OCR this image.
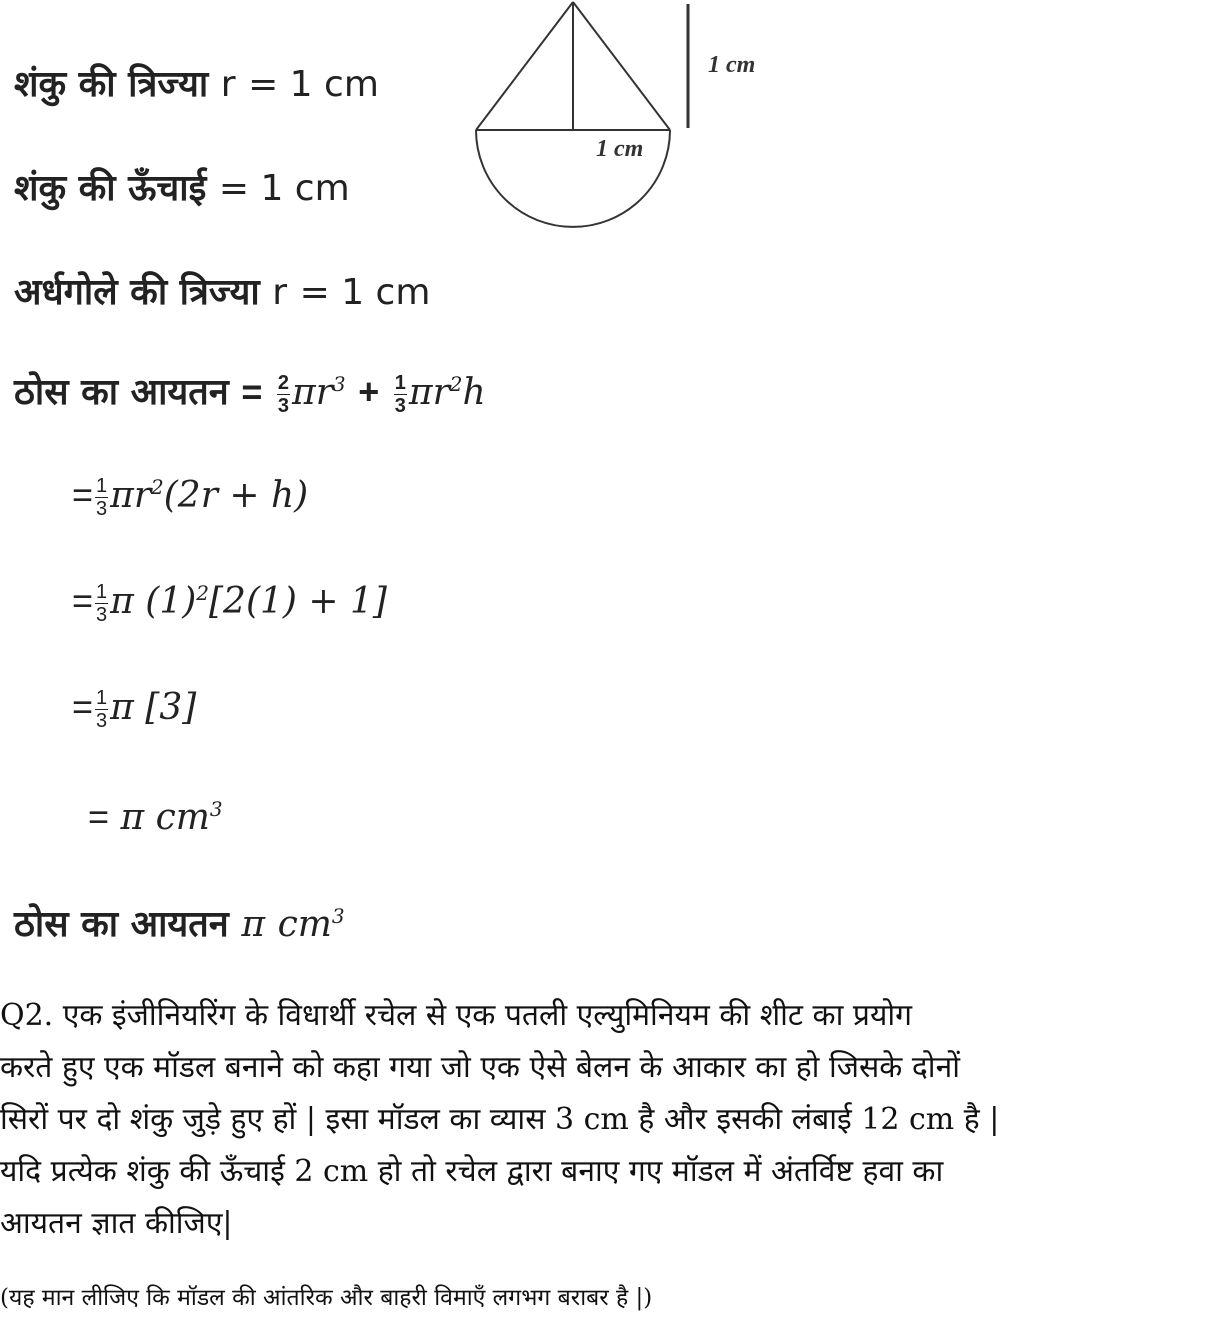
1 cm
1 cm
शंकु की त्रिज्या r = 1 cm
शंकु की ऊँचाई = 1 cm
अर्धगोले की त्रिज्या r = 1 cm
ठोस का आयतन = $\frac{2}{3} \pi r^3 + \frac{1}{3} \pi r^2h$
= $\frac{1}{3} \pi r^2(2r + h)$
= $\frac{1}{3}$ π $(1)^2[2(1) + 1]$
= $\frac{1}{3}$ π [3]
= π $cm^3$
ठोस का आयतन π $cm^3$
Q2. एक इंजीनियरिंग के विधार्थी रचेल से एक पतली एल्युमिनियम की शीट का प्रयोग
करते हुए एक मॉडल बनाने को कहा गया जो एक ऐसे बेलन के आकार का हो जिसके दोनों
सिरों पर दो शंकु जुड़े हुए हों | इसा मॉडल का व्यास 3 cm है और इसकी लंबाई 12 cm है |
यदि प्रत्येक शंकु की ऊँचाई 2 cm हो तो रचेल द्वारा बनाए गए मॉडल में अंतर्विष्ट हवा का
आयतन ज्ञात कीजिए|
(यह मान लीजिए कि मॉडल की आंतरिक और बाहरी विमाएँ लगभग बराबर है |)
